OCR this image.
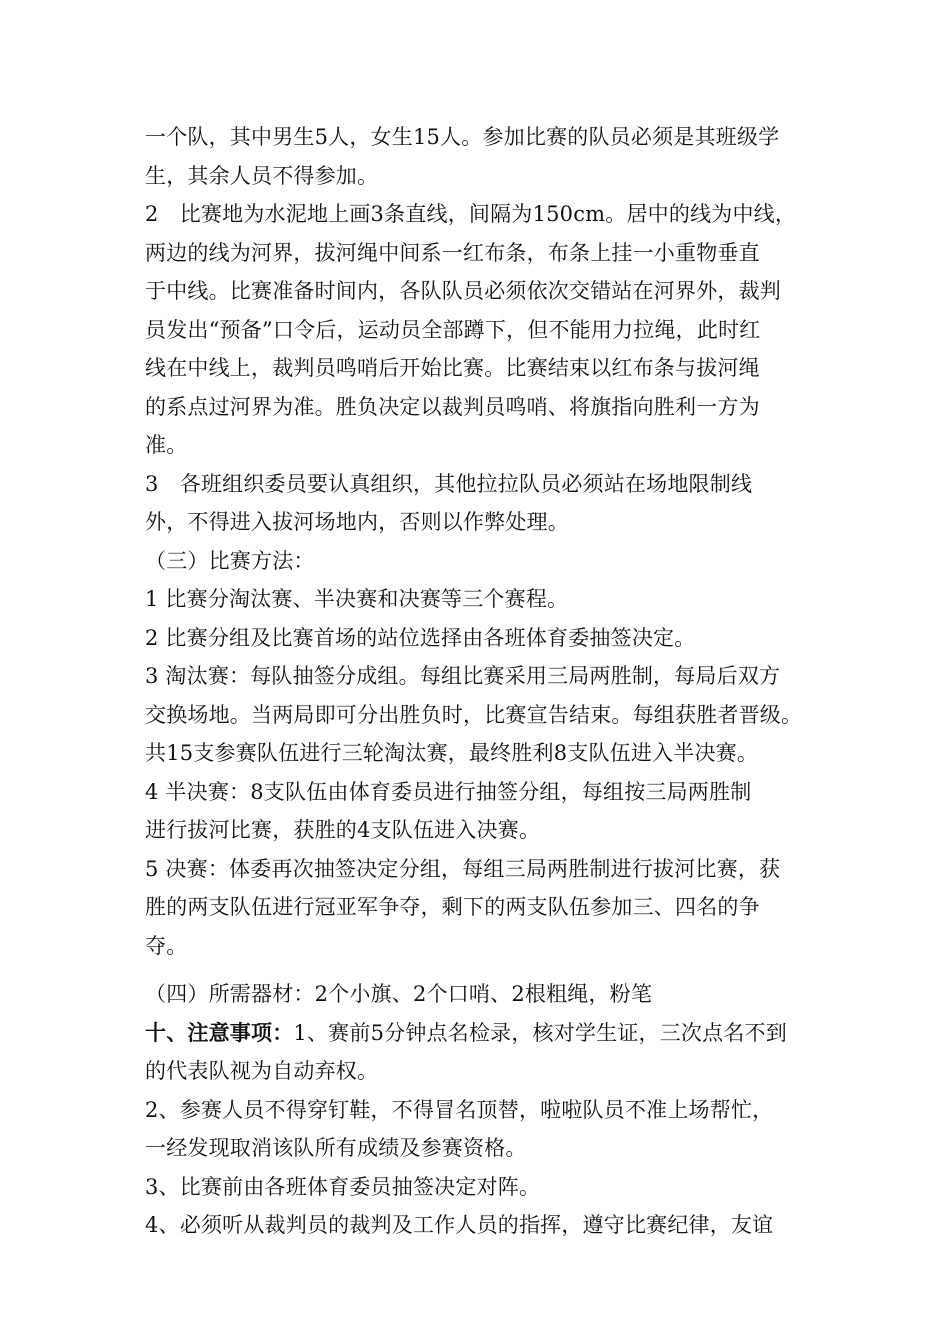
一个队，其中男生5人，女生15人。参加比赛的队员必须是其班级学
生，其余人员不得参加。
2　比赛地为水泥地上画3条直线，间隔为150cm。居中的线为中线，
两边的线为河界，拔河绳中间系一红布条，布条上挂一小重物垂直
于中线。比赛准备时间内，各队队员必须依次交错站在河界外，裁判
员发出“预备”口令后，运动员全部蹲下，但不能用力拉绳，此时红
线在中线上，裁判员鸣哨后开始比赛。比赛结束以红布条与拔河绳
的系点过河界为准。胜负决定以裁判员鸣哨、将旗指向胜利一方为
准。
3　各班组织委员要认真组织，其他拉拉队员必须站在场地限制线
外，不得进入拔河场地内，否则以作弊处理。
（三）比赛方法：
1 比赛分淘汰赛、半决赛和决赛等三个赛程。
2 比赛分组及比赛首场的站位选择由各班体育委抽签决定。
3 淘汰赛：每队抽签分成组。每组比赛采用三局两胜制，每局后双方
交换场地。当两局即可分出胜负时，比赛宣告结束。每组获胜者晋级。
共15支参赛队伍进行三轮淘汰赛，最终胜利8支队伍进入半决赛。
4 半决赛：8支队伍由体育委员进行抽签分组，每组按三局两胜制
进行拔河比赛，获胜的4支队伍进入决赛。
5 决赛：体委再次抽签决定分组，每组三局两胜制进行拔河比赛，获
胜的两支队伍进行冠亚军争夺，剩下的两支队伍参加三、四名的争
夺。
（四）所需器材：2个小旗、2个口哨、2根粗绳，粉笔
十、注意事项：1、赛前5分钟点名检录，核对学生证，三次点名不到
的代表队视为自动弃权。
2、参赛人员不得穿钉鞋，不得冒名顶替，啦啦队员不准上场帮忙，
一经发现取消该队所有成绩及参赛资格。
3、比赛前由各班体育委员抽签决定对阵。
4、必须听从裁判员的裁判及工作人员的指挥，遵守比赛纪律，友谊
